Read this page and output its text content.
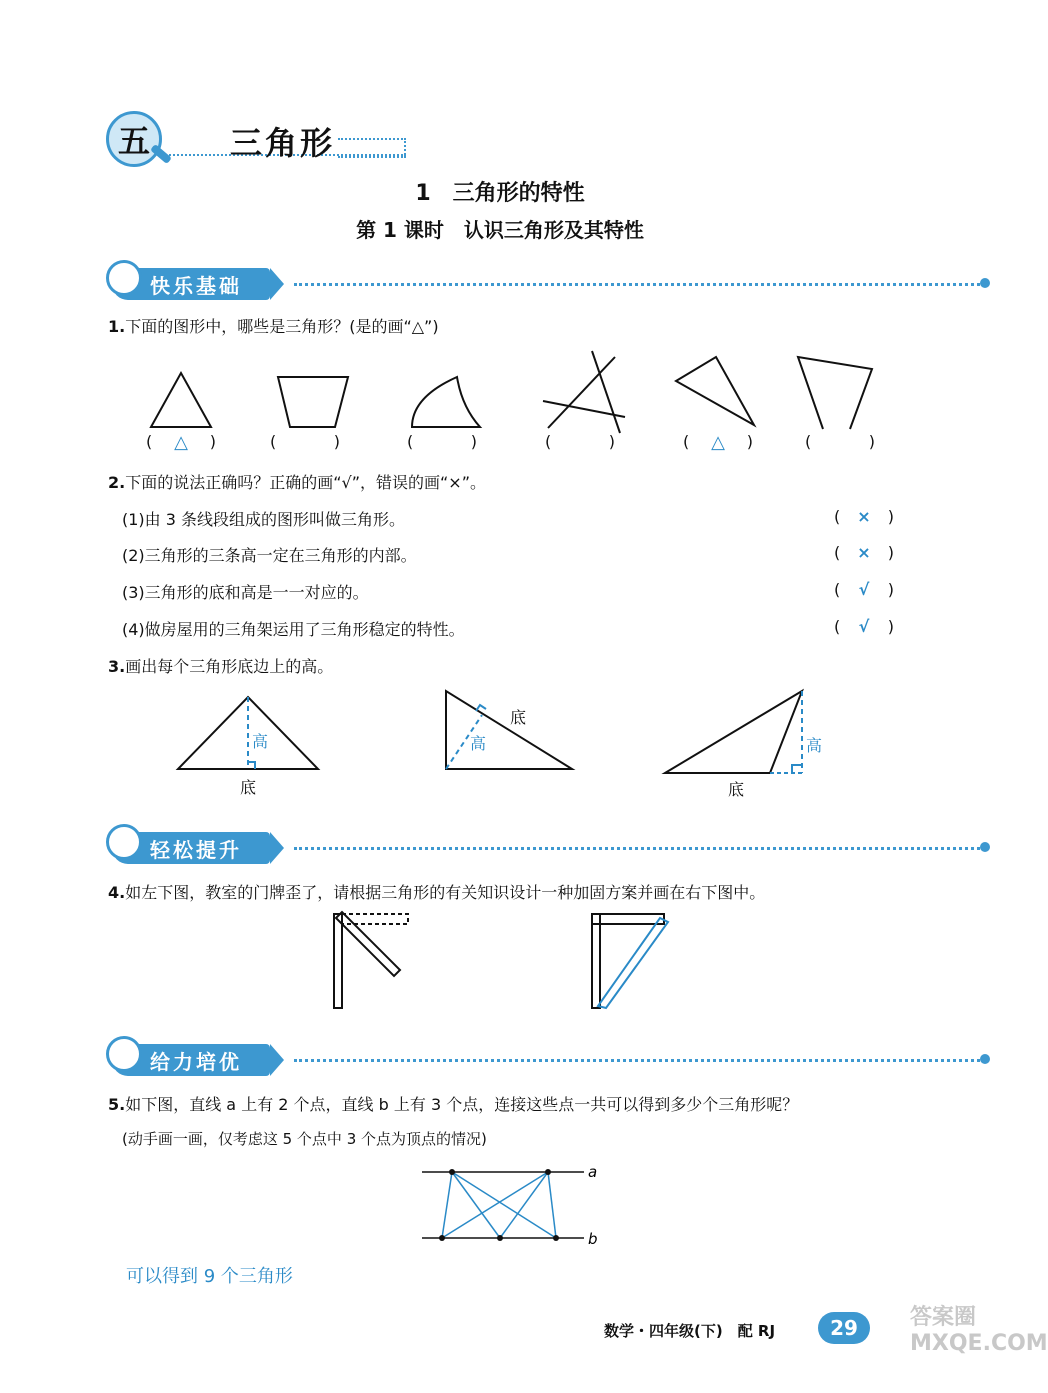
五	三角形
1　三角形的特性
第 1 课时　认识三角形及其特性
快乐基础
1.下面的图形中，哪些是三角形？(是的画“△”)
( △ )	(	)	(	)	(	)	( △ )	(	)
2.下面的说法正确吗？正确的画“√”，错误的画“×”。
(1)由 3 条线段组成的图形叫做三角形。	( × )
(2)三角形的三条高一定在三角形的内部。	( × )
(3)三角形的底和高是一一对应的。	( √ )
(4)做房屋用的三角架运用了三角形稳定的特性。	( √ )
3.画出每个三角形底边上的高。
高
底
高
底
高
底
轻松提升
4.如左下图，教室的门牌歪了，请根据三角形的有关知识设计一种加固方案并画在右下图中。
给力培优
5.如下图，直线 a 上有 2 个点，直线 b 上有 3 个点，连接这些点一共可以得到多少个三角形呢？
(动手画一画，仅考虑这 5 个点中 3 个点为顶点的情况)
a
b
可以得到 9 个三角形
数学・四年级(下)　配 RJ	29	答案圈 MXQE.COM
